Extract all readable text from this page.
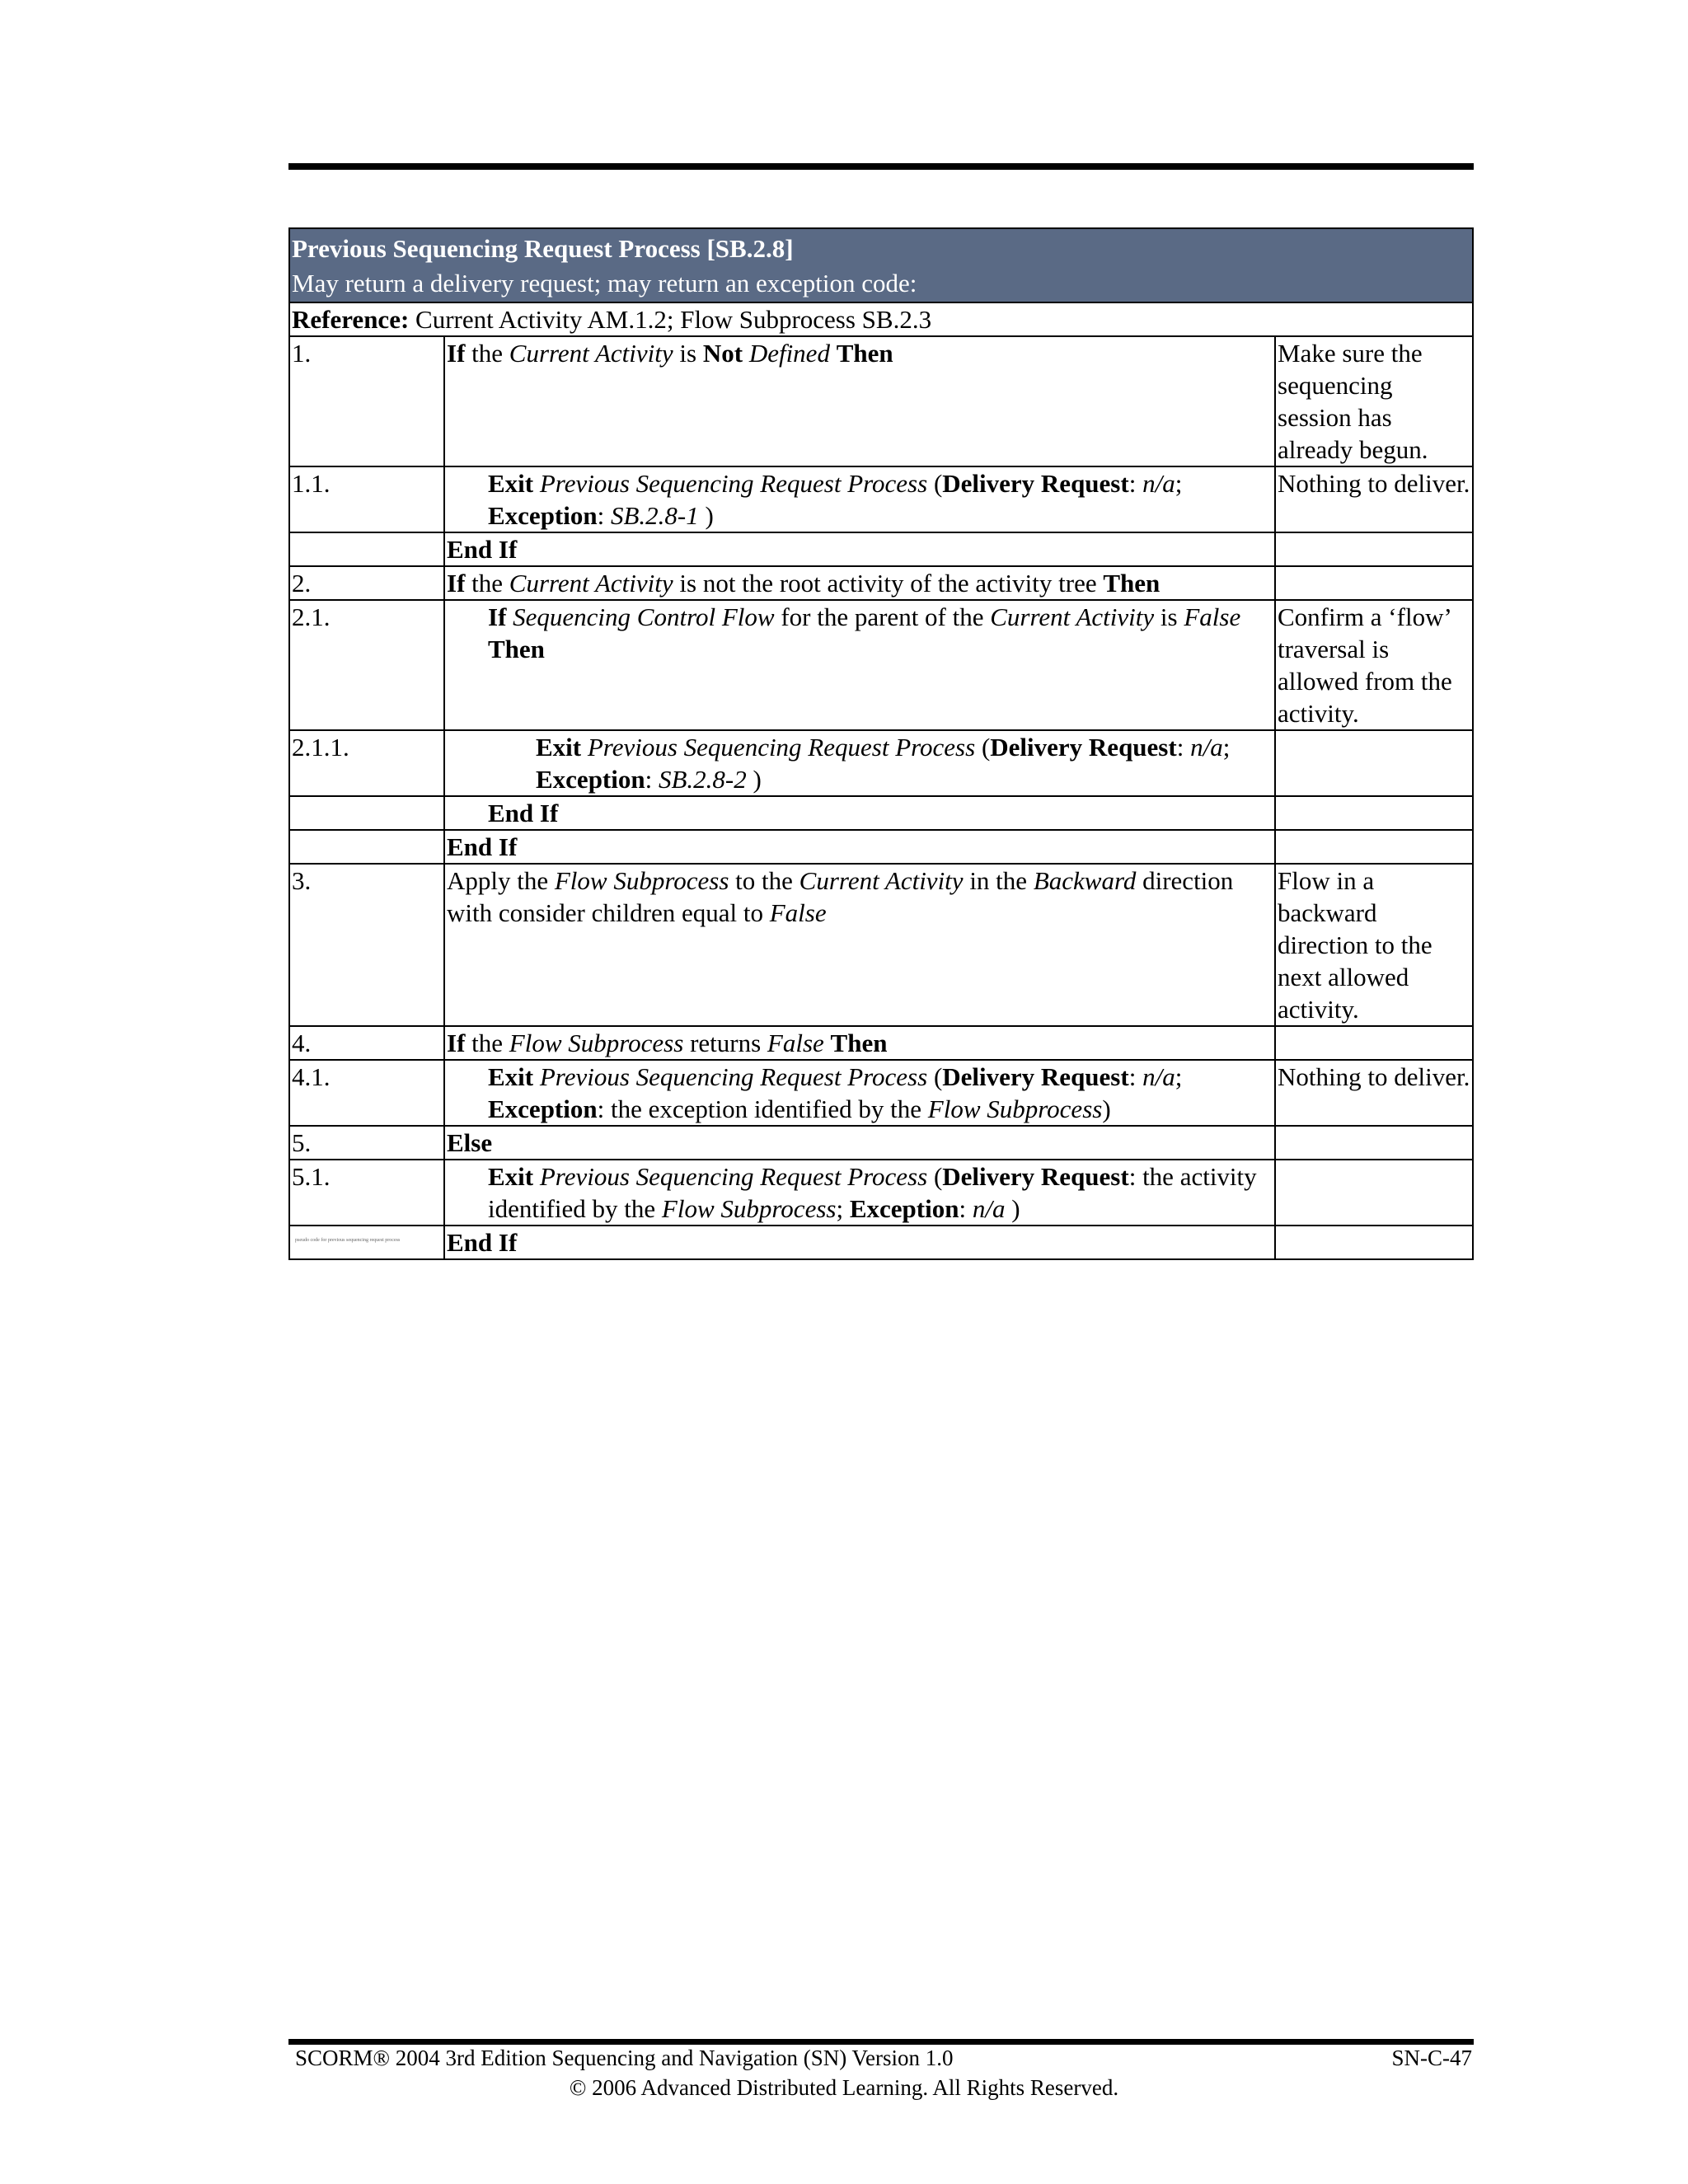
Previous Sequencing Request Process [SB.2.8]
May return a delivery request; may return an exception code:		

Reference: Current Activity AM.1.2; Flow Subprocess SB.2.3		
1.	If the Current Activity is Not Defined Then	Make sure the sequencing session has already begun.
1.1.	Exit Previous Sequencing Request Process (Delivery Request: n/a; Exception: SB.2.8-1 )	Nothing to deliver.
	End If	
2.	If the Current Activity is not the root activity of the activity tree Then	
2.1.	If Sequencing Control Flow for the parent of the Current Activity is False Then	Confirm a ‘flow’ traversal is allowed from the activity.
2.1.1.	Exit Previous Sequencing Request Process (Delivery Request: n/a; Exception: SB.2.8-2 )	
	End If	
	End If	
3.	Apply the Flow Subprocess to the Current Activity in the Backward direction with consider children equal to False	Flow in a backward direction to the next allowed activity.
4.	If the Flow Subprocess returns False Then	
4.1.	Exit Previous Sequencing Request Process (Delivery Request: n/a; Exception: the exception identified by the Flow Subprocess)	Nothing to deliver.
5.	Else	
5.1.	Exit Previous Sequencing Request Process (Delivery Request: the activity identified by the Flow Subprocess; Exception: n/a )	
	End If	
pseudo code for previous sequencing request process
SCORM® 2004 3rd Edition Sequencing and Navigation (SN) Version 1.0	SN-C-47
© 2006 Advanced Distributed Learning. All Rights Reserved.
